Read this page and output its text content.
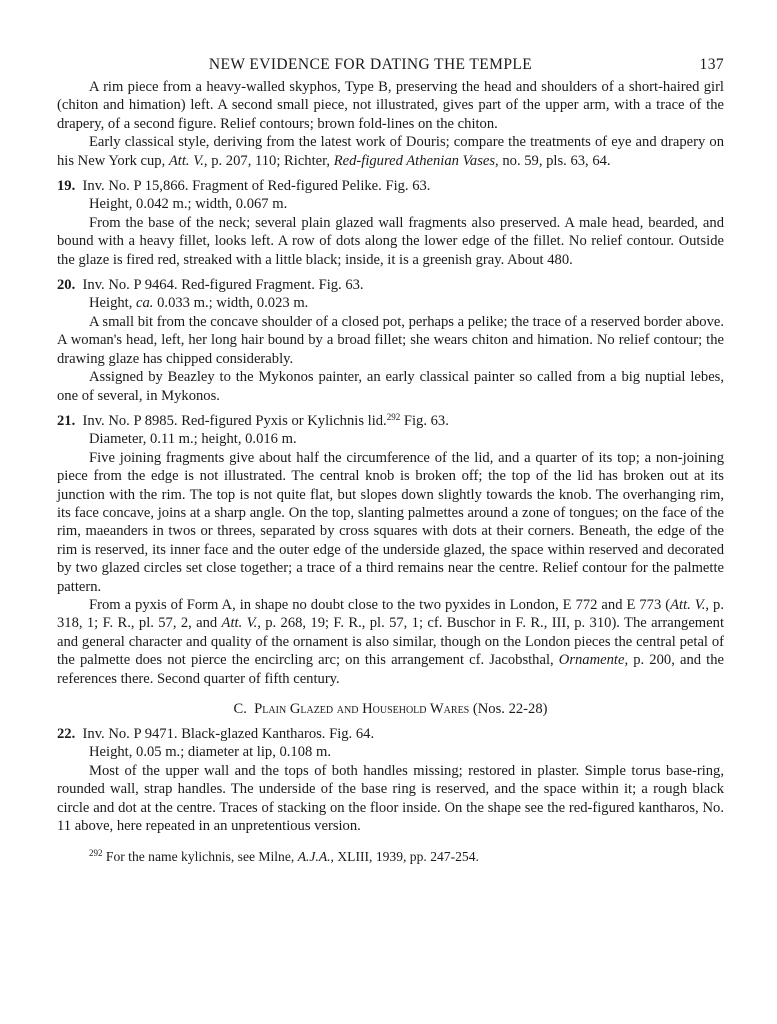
NEW EVIDENCE FOR DATING THE TEMPLE	137

A rim piece from a heavy-walled skyphos, Type B, preserving the head and shoulders of a short-haired girl (chiton and himation) left. A second small piece, not illustrated, gives part of the upper arm, with a trace of the drapery, of a second figure. Relief contours; brown fold-lines on the chiton.

Early classical style, deriving from the latest work of Douris; compare the treatments of eye and drapery on his New York cup, Att. V., p. 207, 110; Richter, Red-figured Athenian Vases, no. 59, pls. 63, 64.

19. Inv. No. P 15,866. Fragment of Red-figured Pelike. Fig. 63.

Height, 0.042 m.; width, 0.067 m.

From the base of the neck; several plain glazed wall fragments also preserved. A male head, bearded, and bound with a heavy fillet, looks left. A row of dots along the lower edge of the fillet. No relief contour. Outside the glaze is fired red, streaked with a little black; inside, it is a greenish gray. About 480.

20. Inv. No. P 9464. Red-figured Fragment. Fig. 63.

Height, ca. 0.033 m.; width, 0.023 m.

A small bit from the concave shoulder of a closed pot, perhaps a pelike; the trace of a reserved border above. A woman's head, left, her long hair bound by a broad fillet; she wears chiton and himation. No relief contour; the drawing glaze has chipped considerably.

Assigned by Beazley to the Mykonos painter, an early classical painter so called from a big nuptial lebes, one of several, in Mykonos.

21. Inv. No. P 8985. Red-figured Pyxis or Kylichnis lid.$^{292}$ Fig. 63.

Diameter, 0.11 m.; height, 0.016 m.

Five joining fragments give about half the circumference of the lid, and a quarter of its top; a non-joining piece from the edge is not illustrated. The central knob is broken off; the top of the lid has broken out at its junction with the rim. The top is not quite flat, but slopes down slightly towards the knob. The overhanging rim, its face concave, joins at a sharp angle. On the top, slanting palmettes around a zone of tongues; on the face of the rim, maeanders in twos or threes, separated by cross squares with dots at their corners. Beneath, the edge of the rim is reserved, its inner face and the outer edge of the underside glazed, the space within reserved and decorated by two glazed circles set close together; a trace of a third remains near the centre. Relief contour for the palmette pattern.

From a pyxis of Form A, in shape no doubt close to the two pyxides in London, E 772 and E 773 (Att. V., p. 318, 1; F. R., pl. 57, 2, and Att. V., p. 268, 19; F. R., pl. 57, 1; cf. Buschor in F. R., III, p. 310). The arrangement and general character and quality of the ornament is also similar, though on the London pieces the central petal of the palmette does not pierce the encircling arc; on this arrangement cf. Jacobsthal, Ornamente, p. 200, and the references there. Second quarter of fifth century.

C. Plain Glazed and Household Wares (Nos. 22-28)

22. Inv. No. P 9471. Black-glazed Kantharos. Fig. 64.

Height, 0.05 m.; diameter at lip, 0.108 m.

Most of the upper wall and the tops of both handles missing; restored in plaster. Simple torus base-ring, rounded wall, strap handles. The underside of the base ring is reserved, and the space within it; a rough black circle and dot at the centre. Traces of stacking on the floor inside. On the shape see the red-figured kantharos, No. 11 above, here repeated in an unpretentious version.

$^{292}$ For the name kylichnis, see Milne, A.J.A., XLIII, 1939, pp. 247-254.
